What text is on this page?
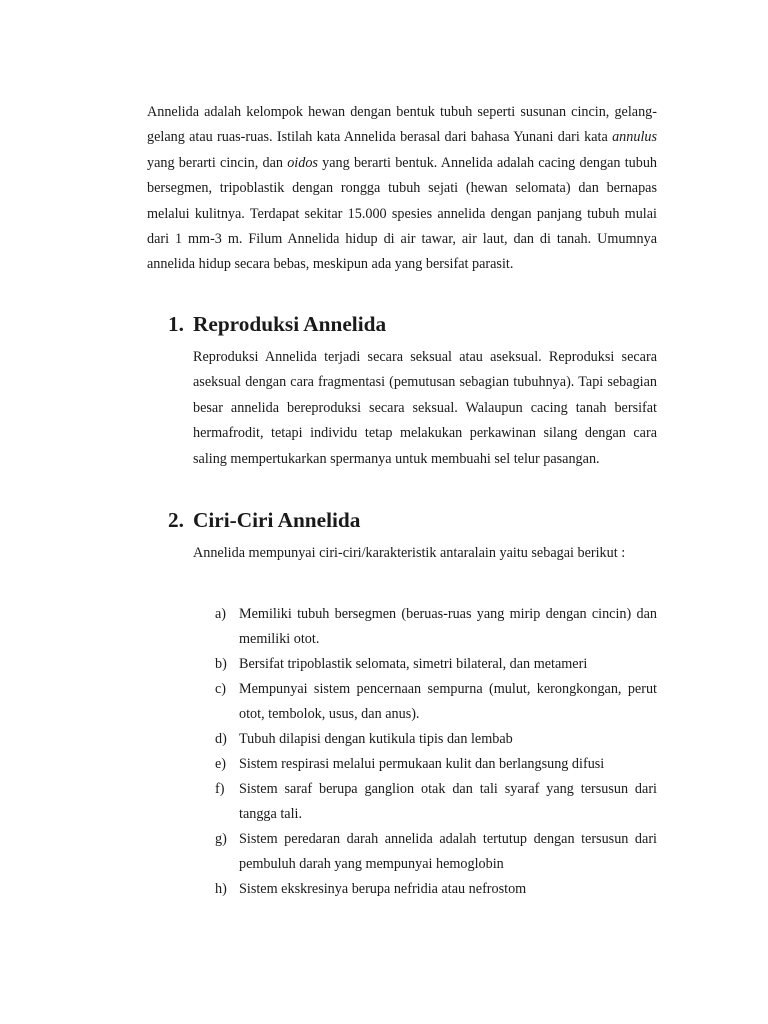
Annelida adalah kelompok hewan dengan bentuk tubuh seperti susunan cincin, gelang-gelang atau ruas-ruas. Istilah kata Annelida berasal dari bahasa Yunani dari kata annulus yang berarti cincin, dan oidos yang berarti bentuk. Annelida adalah cacing dengan tubuh bersegmen, tripoblastik dengan rongga tubuh sejati (hewan selomata) dan bernapas melalui kulitnya. Terdapat sekitar 15.000 spesies annelida dengan panjang tubuh mulai dari 1 mm-3 m. Filum Annelida hidup di air tawar, air laut, dan di tanah. Umumnya annelida hidup secara bebas, meskipun ada yang bersifat parasit.

1. Reproduksi Annelida

Reproduksi Annelida terjadi secara seksual atau aseksual. Reproduksi secara aseksual dengan cara fragmentasi (pemutusan sebagian tubuhnya). Tapi sebagian besar annelida bereproduksi secara seksual. Walaupun cacing tanah bersifat hermafrodit, tetapi individu tetap melakukan perkawinan silang dengan cara saling mempertukarkan spermanya untuk membuahi sel telur pasangan.

2. Ciri-Ciri Annelida

Annelida mempunyai ciri-ciri/karakteristik antaralain yaitu sebagai berikut :

a) Memiliki tubuh bersegmen (beruas-ruas yang mirip dengan cincin) dan memiliki otot.
b) Bersifat tripoblastik selomata, simetri bilateral, dan metameri
c) Mempunyai sistem pencernaan sempurna (mulut, kerongkongan, perut otot, tembolok, usus, dan anus).
d) Tubuh dilapisi dengan kutikula tipis dan lembab
e) Sistem respirasi melalui permukaan kulit dan berlangsung difusi
f) Sistem saraf berupa ganglion otak dan tali syaraf yang tersusun dari tangga tali.
g) Sistem peredaran darah annelida adalah tertutup dengan tersusun dari pembuluh darah yang mempunyai hemoglobin
h) Sistem ekskresinya berupa nefridia atau nefrostom
